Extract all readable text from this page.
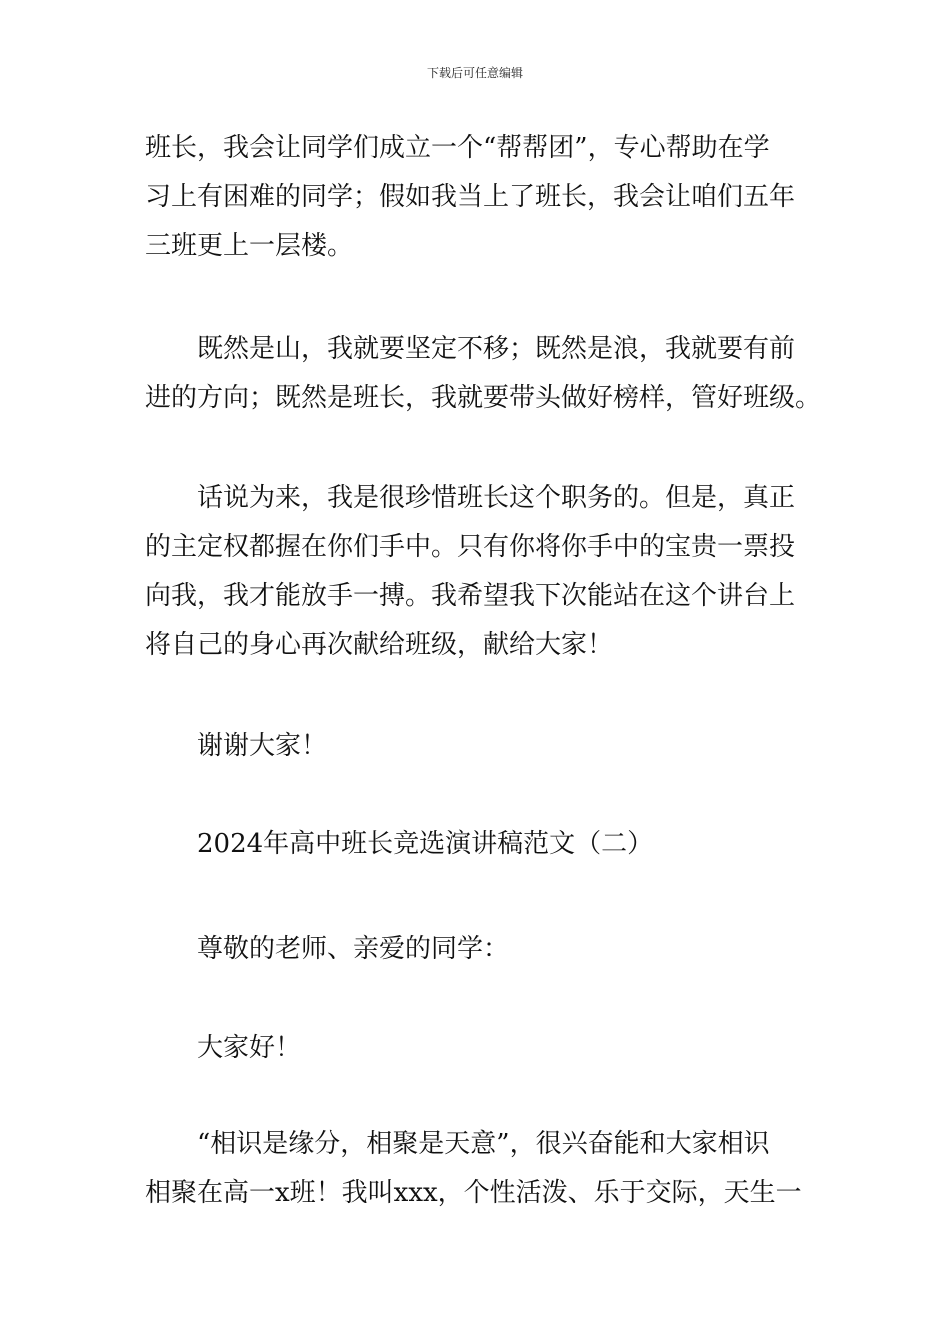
下载后可任意编辑
班长，我会让同学们成立一个“帮帮团”，专心帮助在学
习上有困难的同学；假如我当上了班长，我会让咱们五年
三班更上一层楼。
既然是山，我就要坚定不移；既然是浪，我就要有前
进的方向；既然是班长，我就要带头做好榜样，管好班级。
话说为来，我是很珍惜班长这个职务的。但是，真正
的主定权都握在你们手中。只有你将你手中的宝贵一票投
向我，我才能放手一搏。我希望我下次能站在这个讲台上
将自己的身心再次献给班级，献给大家！
谢谢大家！
2024年高中班长竞选演讲稿范文（二）
尊敬的老师、亲爱的同学：
大家好！
“相识是缘分，相聚是天意”，很兴奋能和大家相识
相聚在高一x班！我叫xxx，个性活泼、乐于交际，天生一
